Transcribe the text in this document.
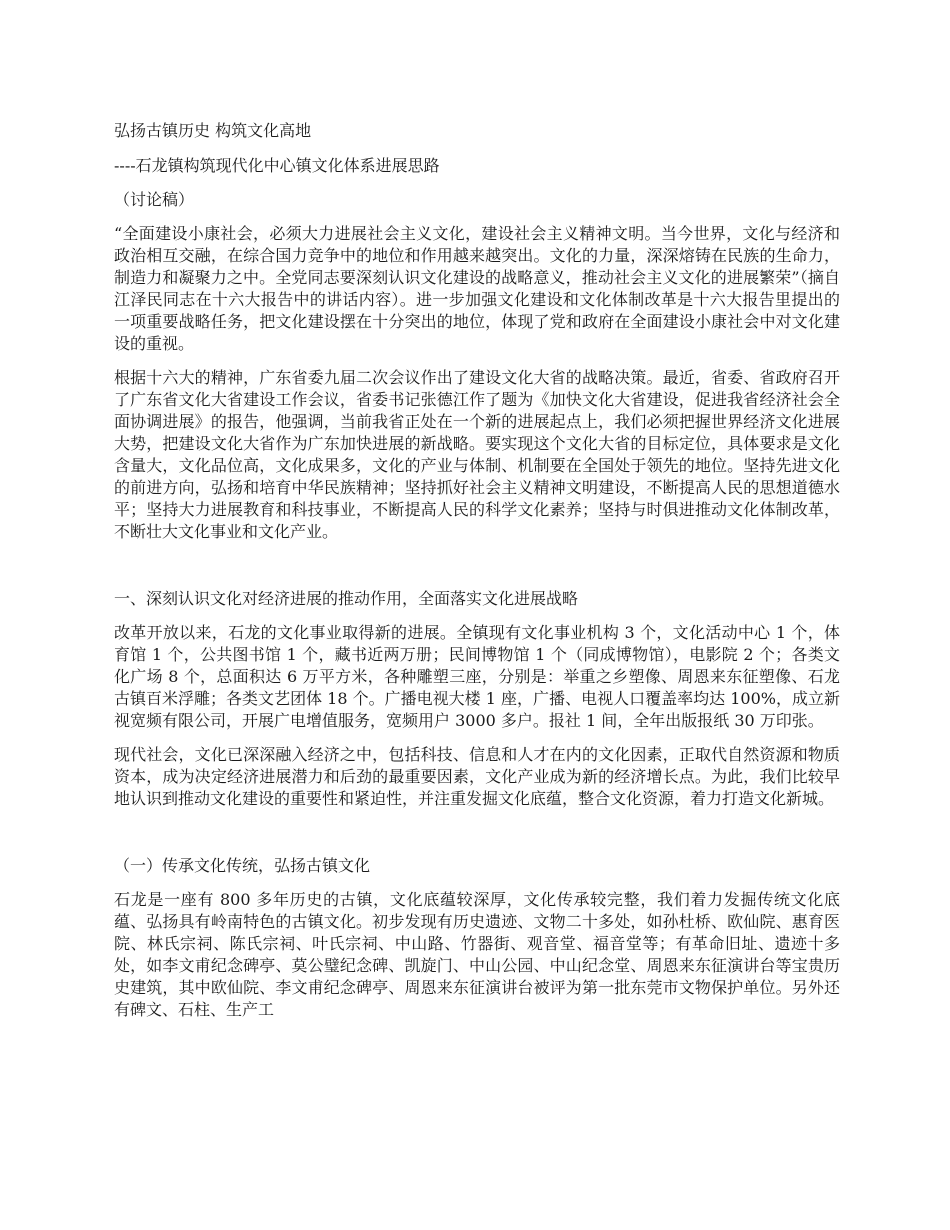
弘扬古镇历史 构筑文化高地

----石龙镇构筑现代化中心镇文化体系进展思路

（讨论稿）

“全面建设小康社会，必须大力进展社会主义文化，建设社会主义精神文明。当今世界，文化与经济和政治相互交融，在综合国力竞争中的地位和作用越来越突出。文化的力量，深深熔铸在民族的生命力，制造力和凝聚力之中。全党同志要深刻认识文化建设的战略意义，推动社会主义文化的进展繁荣”（摘自江泽民同志在十六大报告中的讲话内容）。进一步加强文化建设和文化体制改革是十六大报告里提出的一项重要战略任务，把文化建设摆在十分突出的地位，体现了党和政府在全面建设小康社会中对文化建设的重视。

根据十六大的精神，广东省委九届二次会议作出了建设文化大省的战略决策。最近，省委、省政府召开了广东省文化大省建设工作会议，省委书记张德江作了题为《加快文化大省建设，促进我省经济社会全面协调进展》的报告，他强调，当前我省正处在一个新的进展起点上，我们必须把握世界经济文化进展大势，把建设文化大省作为广东加快进展的新战略。要实现这个文化大省的目标定位，具体要求是文化含量大，文化品位高，文化成果多，文化的产业与体制、机制要在全国处于领先的地位。坚持先进文化的前进方向，弘扬和培育中华民族精神；坚持抓好社会主义精神文明建设，不断提高人民的思想道德水平；坚持大力进展教育和科技事业，不断提高人民的科学文化素养；坚持与时俱进推动文化体制改革，不断壮大文化事业和文化产业。

一、深刻认识文化对经济进展的推动作用，全面落实文化进展战略

改革开放以来，石龙的文化事业取得新的进展。全镇现有文化事业机构 3 个，文化活动中心 1 个，体育馆 1 个，公共图书馆 1 个，藏书近两万册；民间博物馆 1 个（同成博物馆），电影院 2 个；各类文化广场 8 个，总面积达 6 万平方米，各种雕塑三座，分别是：举重之乡塑像、周恩来东征塑像、石龙古镇百米浮雕；各类文艺团体 18 个。广播电视大楼 1 座，广播、电视人口覆盖率均达 100%，成立新视宽频有限公司，开展广电增值服务，宽频用户 3000 多户。报社 1 间，全年出版报纸 30 万印张。

现代社会，文化已深深融入经济之中，包括科技、信息和人才在内的文化因素，正取代自然资源和物质资本，成为决定经济进展潜力和后劲的最重要因素，文化产业成为新的经济增长点。为此，我们比较早地认识到推动文化建设的重要性和紧迫性，并注重发掘文化底蕴，整合文化资源，着力打造文化新城。

（一）传承文化传统，弘扬古镇文化

石龙是一座有 800 多年历史的古镇，文化底蕴较深厚，文化传承较完整，我们着力发掘传统文化底蕴、弘扬具有岭南特色的古镇文化。初步发现有历史遗迹、文物二十多处，如孙杜桥、欧仙院、惠育医院、林氏宗祠、陈氏宗祠、叶氏宗祠、中山路、竹器街、观音堂、福音堂等；有革命旧址、遗迹十多处，如李文甫纪念碑亭、莫公璧纪念碑、凯旋门、中山公园、中山纪念堂、周恩来东征演讲台等宝贵历史建筑，其中欧仙院、李文甫纪念碑亭、周恩来东征演讲台被评为第一批东莞市文物保护单位。另外还有碑文、石柱、生产工
